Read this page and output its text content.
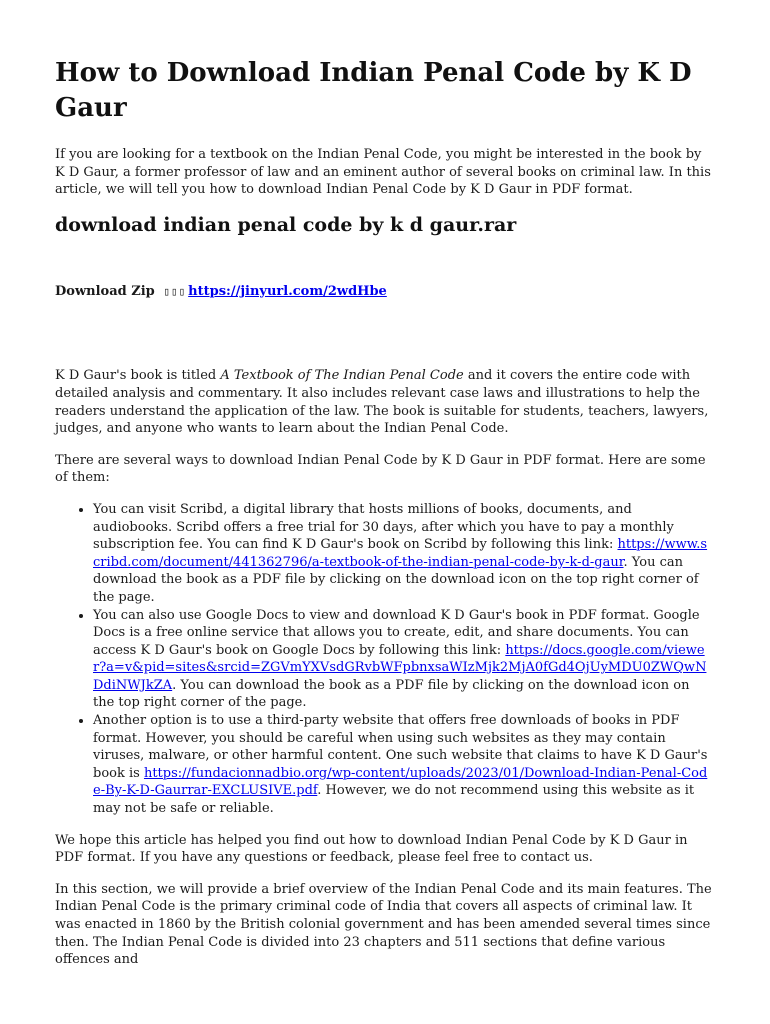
How to Download Indian Penal Code by K D Gaur

If you are looking for a textbook on the Indian Penal Code, you might be interested in the book by K D Gaur, a former professor of law and an eminent author of several books on criminal law. In this article, we will tell you how to download Indian Penal Code by K D Gaur in PDF format.

download indian penal code by k d gaur.rar

Download Zip ▯▯▯ https://jinyurl.com/2wdHbe

K D Gaur's book is titled A Textbook of The Indian Penal Code and it covers the entire code with detailed analysis and commentary. It also includes relevant case laws and illustrations to help the readers understand the application of the law. The book is suitable for students, teachers, lawyers, judges, and anyone who wants to learn about the Indian Penal Code.

There are several ways to download Indian Penal Code by K D Gaur in PDF format. Here are some of them:

• You can visit Scribd, a digital library that hosts millions of books, documents, and audiobooks. Scribd offers a free trial for 30 days, after which you have to pay a monthly subscription fee. You can find K D Gaur's book on Scribd by following this link: https://www.scribd.com/document/441362796/a-textbook-of-the-indian-penal-code-by-k-d-gaur. You can download the book as a PDF file by clicking on the download icon on the top right corner of the page.
• You can also use Google Docs to view and download K D Gaur's book in PDF format. Google Docs is a free online service that allows you to create, edit, and share documents. You can access K D Gaur's book on Google Docs by following this link: https://docs.google.com/viewer?a=v&pid=sites&srcid=ZGVmYXVsdGRvbWFpbnxsaWIzMjk2MjA0fGd4OjUyMDU0ZWQwNDdiNWJkZA. You can download the book as a PDF file by clicking on the download icon on the top right corner of the page.
• Another option is to use a third-party website that offers free downloads of books in PDF format. However, you should be careful when using such websites as they may contain viruses, malware, or other harmful content. One such website that claims to have K D Gaur's book is https://fundacionnadbio.org/wp-content/uploads/2023/01/Download-Indian-Penal-Code-By-K-D-Gaurrar-EXCLUSIVE.pdf. However, we do not recommend using this website as it may not be safe or reliable.

We hope this article has helped you find out how to download Indian Penal Code by K D Gaur in PDF format. If you have any questions or feedback, please feel free to contact us.

In this section, we will provide a brief overview of the Indian Penal Code and its main features. The Indian Penal Code is the primary criminal code of India that covers all aspects of criminal law. It was enacted in 1860 by the British colonial government and has been amended several times since then. The Indian Penal Code is divided into 23 chapters and 511 sections that define various offences and
